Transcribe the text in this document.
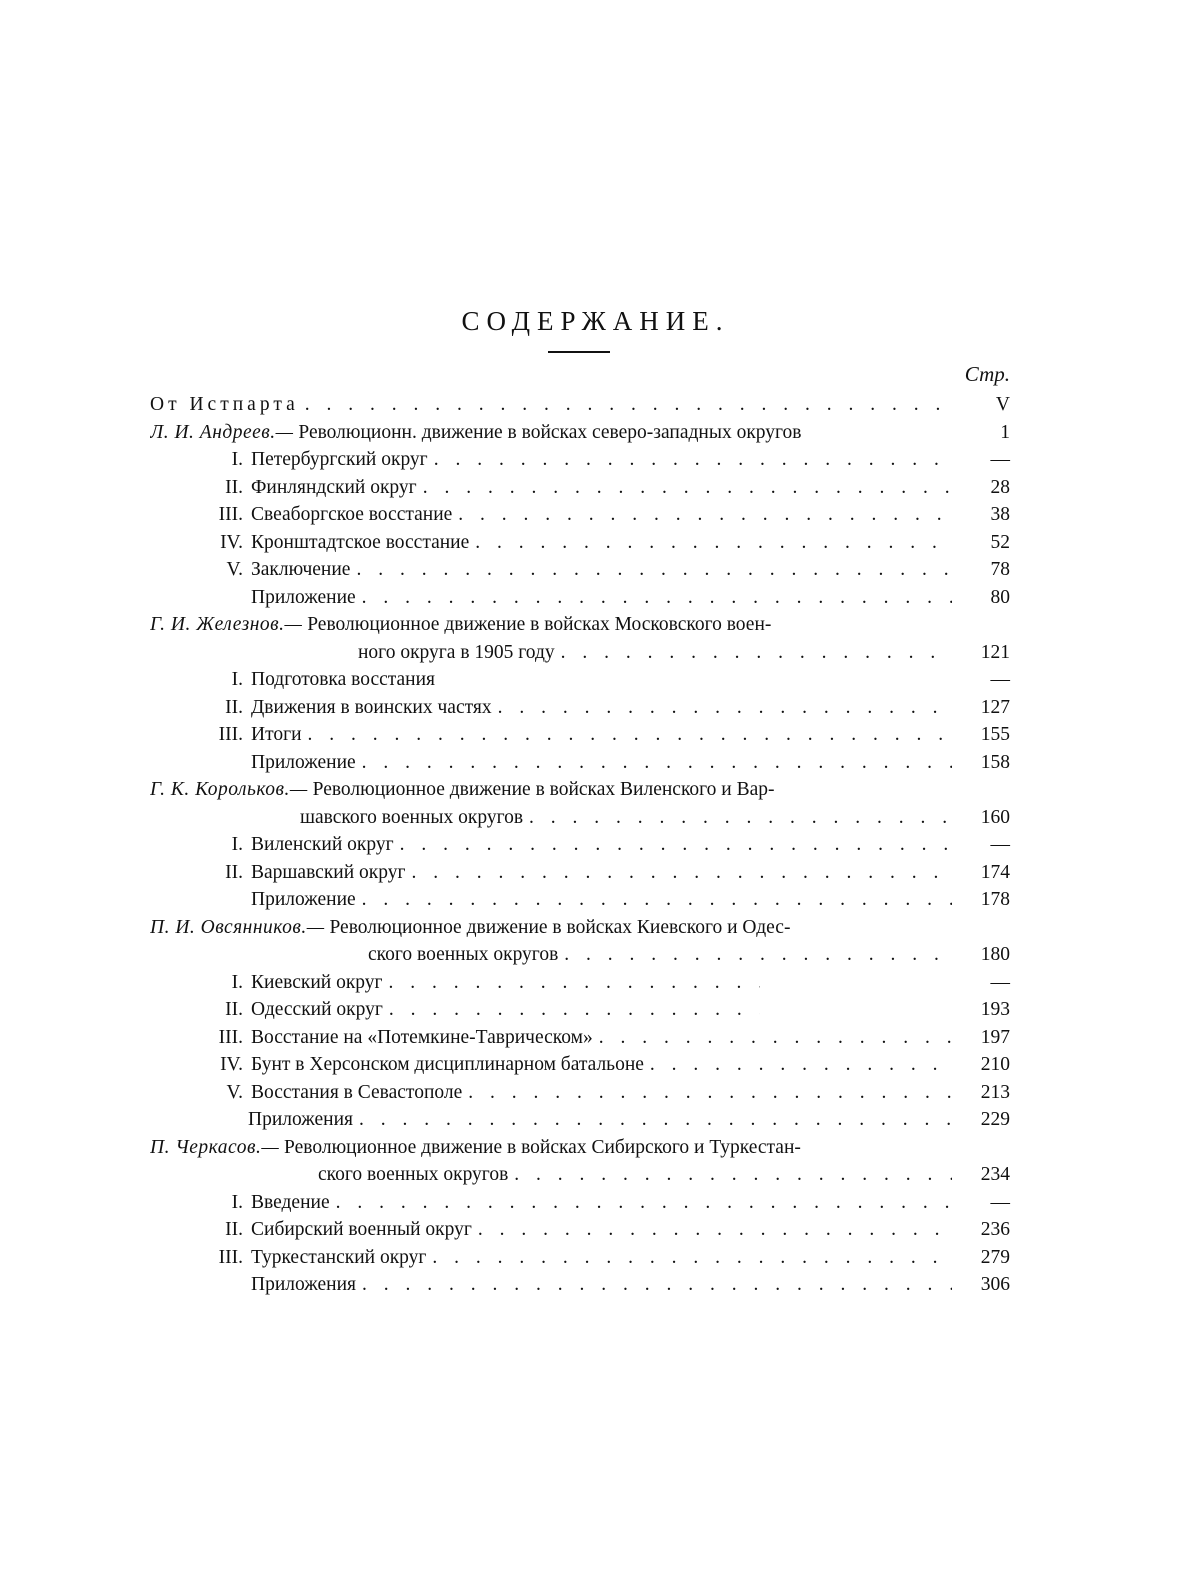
СОДЕРЖАНИЕ.
Стр.
От Истпарта . . .	V
Л. И. Андреев.— Революционн. движение в войсках северо-западных округов	1
I. Петербургский округ . . .	—
II. Финляндский округ . . .	28
III. Свеаборгское восстание . . .	38
IV. Кронштадтское восстание . . .	52
V. Заключение . . .	78
Приложение . . .	80
Г. И. Железнов.— Революционное движение в войсках Московского воен-
ного округа в 1905 году . . .	121
I. Подготовка восстания	—
II. Движения в воинских частях . . .	127
III. Итоги . . .	155
Приложение . . .	158
Г. К. Корольков.— Революционное движение в войсках Виленского и Вар-
шавского военных округов . . .	160
I. Виленский округ . . .	—
II. Варшавский округ . . .	174
Приложение . . .	178
П. И. Овсянников.— Революционное движение в войсках Киевского и Одес-
ского военных округов . . .	180
I. Киевский округ . . .	—
II. Одесский округ . . .	193
III. Восстание на «Потемкине-Таврическом» . . .	197
IV. Бунт в Херсонском дисциплинарном батальоне . . .	210
V. Восстания в Севастополе . . .	213
Приложения . . .	229
П. Черкасов.— Революционное движение в войсках Сибирского и Туркестан-
ского военных округов . . .	234
I. Введение . . .	—
II. Сибирский военный округ . . .	236
III. Туркестанский округ . . .	279
Приложения . . .	306
